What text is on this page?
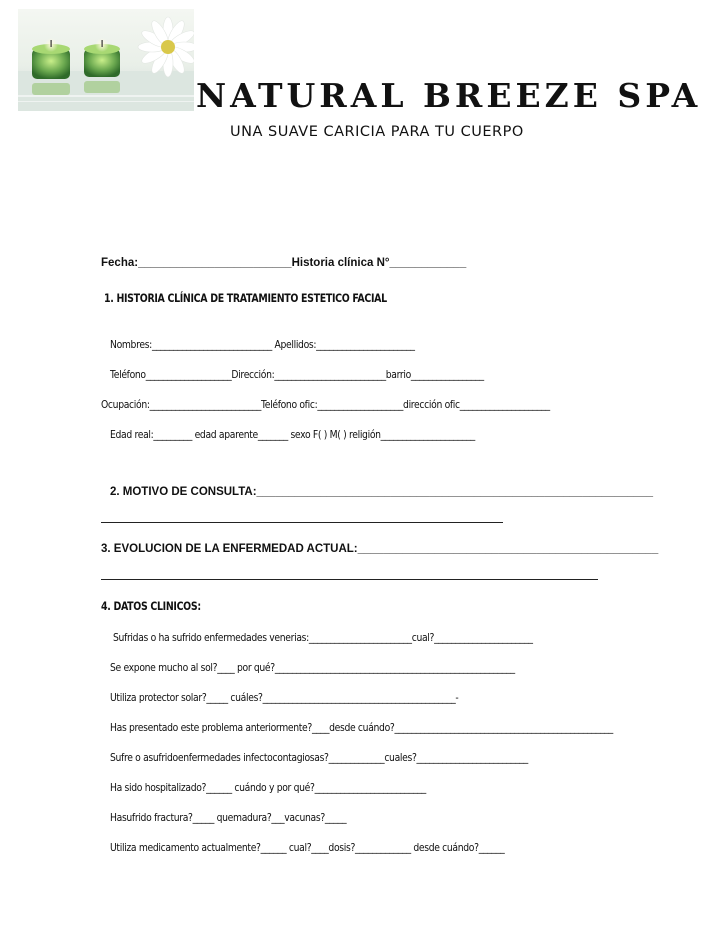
NATURAL BREEZE SPA
UNA SUAVE CARICIA PARA TU CUERPO
Fecha:________________________Historia clínica N°____________
1. HISTORIA CLÍNICA DE TRATAMIENTO ESTETICO FACIAL
Nombres:____________________________ Apellidos:_______________________
Teléfono____________________Dirección:__________________________barrio_________________
Ocupación:__________________________Teléfono ofic:____________________dirección ofic_____________________
Edad real:_________ edad aparente_______ sexo F( ) M( ) religión______________________
2. MOTIVO DE CONSULTA:______________________________________________________________
3. EVOLUCION DE LA ENFERMEDAD ACTUAL:_______________________________________________
4. DATOS CLINICOS:
Sufridas o ha sufrido enfermedades venerias:________________________cual?_______________________
Se expone mucho al sol?____ por qué?________________________________________________________
Utiliza protector solar?_____ cuáles?_____________________________________________-
Has presentado este problema anteriormente?____desde cuándo?___________________________________________________
Sufre o asufridoenfermedades infectocontagiosas?_____________cuales?__________________________
Ha sido hospitalizado?______ cuándo y por qué?__________________________
Hasufrido fractura?_____ quemadura?___vacunas?_____
Utiliza medicamento actualmente?______ cual?____dosis?_____________ desde cuándo?______
